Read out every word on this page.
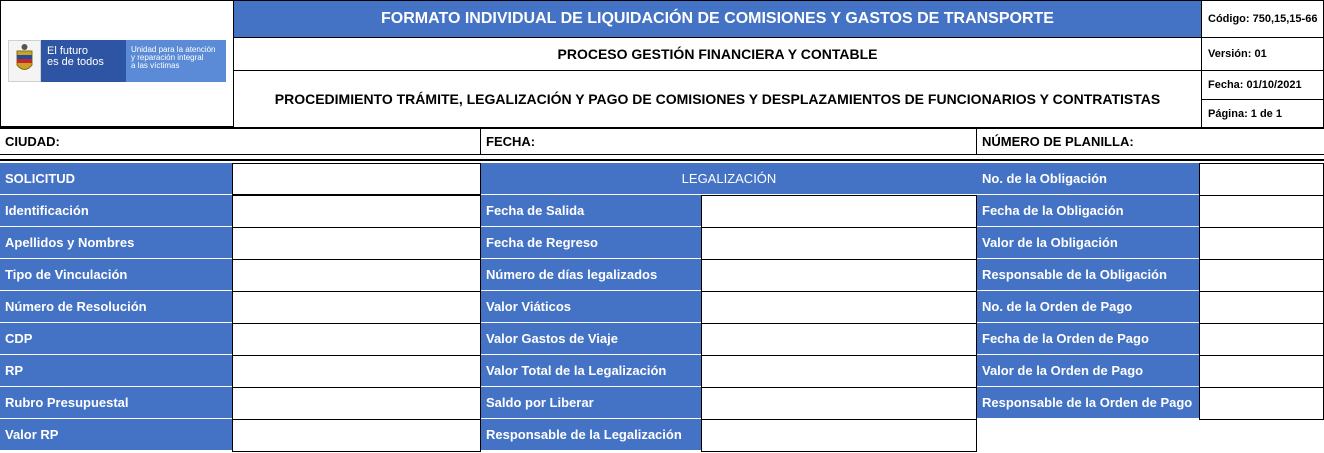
El futuro
es de todos
Unidad para la atención
y reparación integral
a las víctimas
FORMATO INDIVIDUAL DE LIQUIDACIÓN DE COMISIONES Y GASTOS DE TRANSPORTE
PROCESO GESTIÓN FINANCIERA Y CONTABLE
PROCEDIMIENTO TRÁMITE, LEGALIZACIÓN Y PAGO DE COMISIONES Y DESPLAZAMIENTOS DE FUNCIONARIOS Y CONTRATISTAS
Código: 750,15,15-66
Versión: 01
Fecha: 01/10/2021
Página: 1 de 1
CIUDAD:	FECHA:	NÚMERO DE PLANILLA:
SOLICITUD
Identificación
Apellidos y Nombres
Tipo de Vinculación
Número de Resolución
CDP
RP
Rubro Presupuestal
Valor RP
LEGALIZACIÓN
Fecha de Salida
Fecha de Regreso
Número de días legalizados
Valor Viáticos
Valor Gastos de Viaje
Valor Total de la Legalización
Saldo por Liberar
Responsable de la Legalización
No. de la Obligación
Fecha de la Obligación
Valor de la Obligación
Responsable de la Obligación
No. de la Orden de Pago
Fecha de la Orden de Pago
Valor de la Orden de Pago
Responsable de la Orden de Pago
